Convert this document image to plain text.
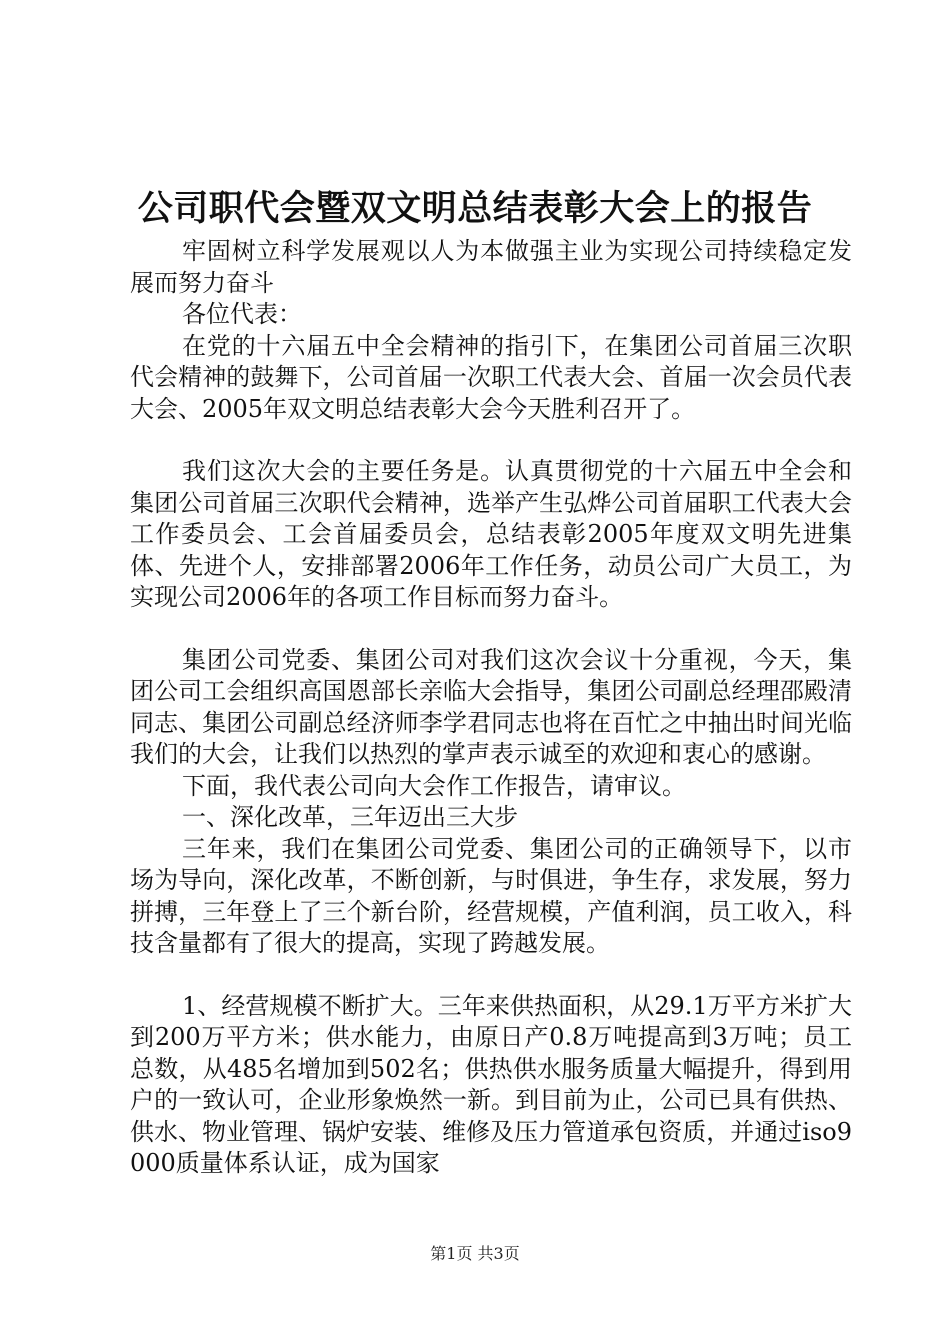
公司职代会暨双文明总结表彰大会上的报告

牢固树立科学发展观以人为本做强主业为实现公司持续稳定发展而努力奋斗

各位代表：

在党的十六届五中全会精神的指引下，在集团公司首届三次职代会精神的鼓舞下，公司首届一次职工代表大会、首届一次会员代表大会、2005年双文明总结表彰大会今天胜利召开了。

我们这次大会的主要任务是。认真贯彻党的十六届五中全会和集团公司首届三次职代会精神，选举产生弘烨公司首届职工代表大会工作委员会、工会首届委员会，总结表彰2005年度双文明先进集体、先进个人，安排部署2006年工作任务，动员公司广大员工，为实现公司2006年的各项工作目标而努力奋斗。

集团公司党委、集团公司对我们这次会议十分重视，今天，集团公司工会组织高国恩部长亲临大会指导，集团公司副总经理邵殿清同志、集团公司副总经济师李学君同志也将在百忙之中抽出时间光临我们的大会，让我们以热烈的掌声表示诚至的欢迎和衷心的感谢。

下面，我代表公司向大会作工作报告，请审议。

一、深化改革，三年迈出三大步

三年来，我们在集团公司党委、集团公司的正确领导下，以市场为导向，深化改革，不断创新，与时俱进，争生存，求发展，努力拼搏，三年登上了三个新台阶，经营规模，产值利润，员工收入，科技含量都有了很大的提高，实现了跨越发展。

1、经营规模不断扩大。三年来供热面积，从29.1万平方米扩大到200万平方米；供水能力，由原日产0.8万吨提高到3万吨；员工总数，从485名增加到502名；供热供水服务质量大幅提升，得到用户的一致认可，企业形象焕然一新。到目前为止，公司已具有供热、供水、物业管理、锅炉安装、维修及压力管道承包资质，并通过iso9000质量体系认证，成为国家

第1页 共3页
